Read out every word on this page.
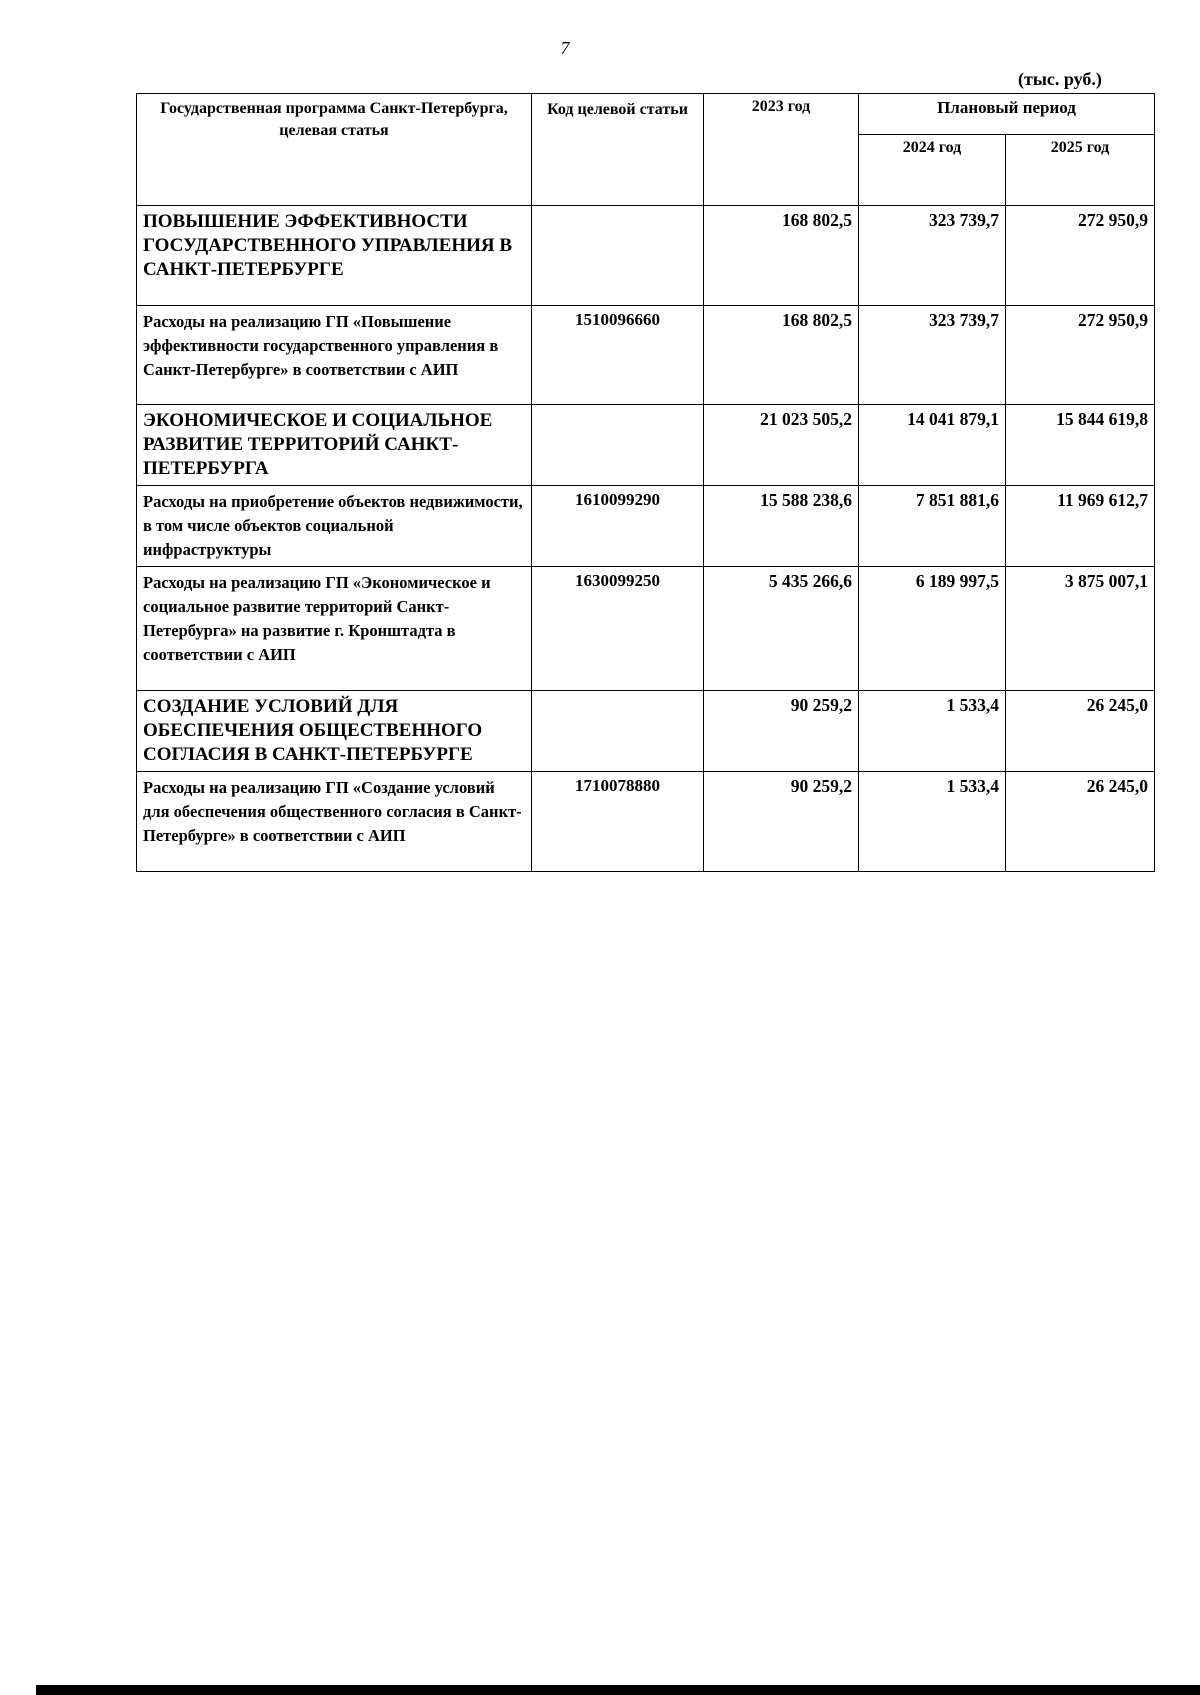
7
(тыс. руб.)
Государственная программа Санкт-Петербурга, целевая статья	Код целевой статьи	2023 год	Плановый период	
			2024 год	2025 год
ПОВЫШЕНИЕ ЭФФЕКТИВНОСТИ ГОСУДАРСТВЕННОГО УПРАВЛЕНИЯ В САНКТ-ПЕТЕРБУРГЕ		168 802,5	323 739,7	272 950,9
Расходы на реализацию ГП «Повышение эффективности государственного управления в Санкт-Петербурге» в соответствии с АИП	1510096660	168 802,5	323 739,7	272 950,9
ЭКОНОМИЧЕСКОЕ И СОЦИАЛЬНОЕ РАЗВИТИЕ ТЕРРИТОРИЙ САНКТ-ПЕТЕРБУРГА		21 023 505,2	14 041 879,1	15 844 619,8
Расходы на приобретение объектов недвижимости, в том числе объектов социальной инфраструктуры	1610099290	15 588 238,6	7 851 881,6	11 969 612,7
Расходы на реализацию ГП «Экономическое и социальное развитие территорий Санкт-Петербурга» на развитие г. Кронштадта в соответствии с АИП	1630099250	5 435 266,6	6 189 997,5	3 875 007,1
СОЗДАНИЕ УСЛОВИЙ ДЛЯ ОБЕСПЕЧЕНИЯ ОБЩЕСТВЕННОГО СОГЛАСИЯ В САНКТ-ПЕТЕРБУРГЕ		90 259,2	1 533,4	26 245,0
Расходы на реализацию ГП «Создание условий для обеспечения общественного согласия в Санкт-Петербурге» в соответствии с АИП	1710078880	90 259,2	1 533,4	26 245,0
